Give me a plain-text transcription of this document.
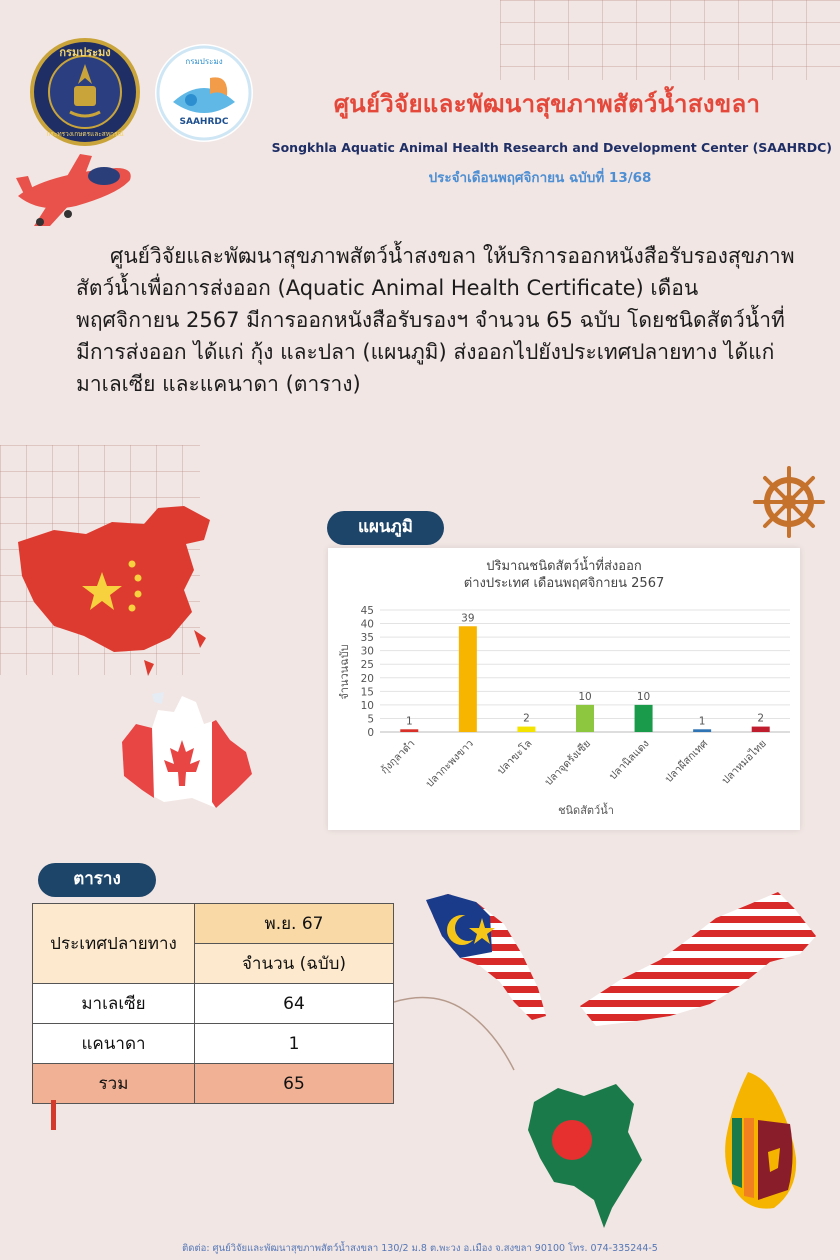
กรมประมง
กระทรวงเกษตรและสหกรณ์
กรมประมง
SAAHRDC
ศูนย์วิจัยและพัฒนาสุขภาพสัตว์น้ำสงขลา
Songkhla Aquatic Animal Health Research and Development Center (SAAHRDC)
ประจำเดือนพฤศจิกายน ฉบับที่ 13/68

ศูนย์วิจัยและพัฒนาสุขภาพสัตว์น้ำสงขลา ให้บริการออกหนังสือรับรองสุขภาพสัตว์น้ำเพื่อการส่งออก (Aquatic Animal Health Certificate) เดือนพฤศจิกายน 2567 มีการออกหนังสือรับรองฯ จำนวน 65 ฉบับ โดยชนิดสัตว์น้ำที่มีการส่งออก ได้แก่ กุ้ง และปลา (แผนภูมิ) ส่งออกไปยังประเทศปลายทาง ได้แก่ มาเลเซีย และแคนาดา (ตาราง)

แผนภูมิ
ปริมาณชนิดสัตว์น้ำที่ส่งออก
ต่างประเทศ เดือนพฤศจิกายน 2567
จำนวนฉบับ
ชนิดสัตว์น้ำ
0
5
10
15
20
25
30
35
40
45
1
กุ้งกุลาดำ
39
ปลากะพงขาว
2
ปลาขะโล
10
ปลาจุดรังเซีย
10
ปลานิลแดง
1
ปลาผีสกเทศ
2
ปลาหมอไทย
ตาราง
ประเทศปลายทาง	พ.ย. 67
	จำนวน (ฉบับ)
มาเลเซีย	64
แคนาดา	1
รวม	65
ติดต่อ: ศูนย์วิจัยและพัฒนาสุขภาพสัตว์น้ำสงขลา 130/2 ม.8 ต.พะวง อ.เมือง จ.สงขลา 90100 โทร. 074-335244-5
